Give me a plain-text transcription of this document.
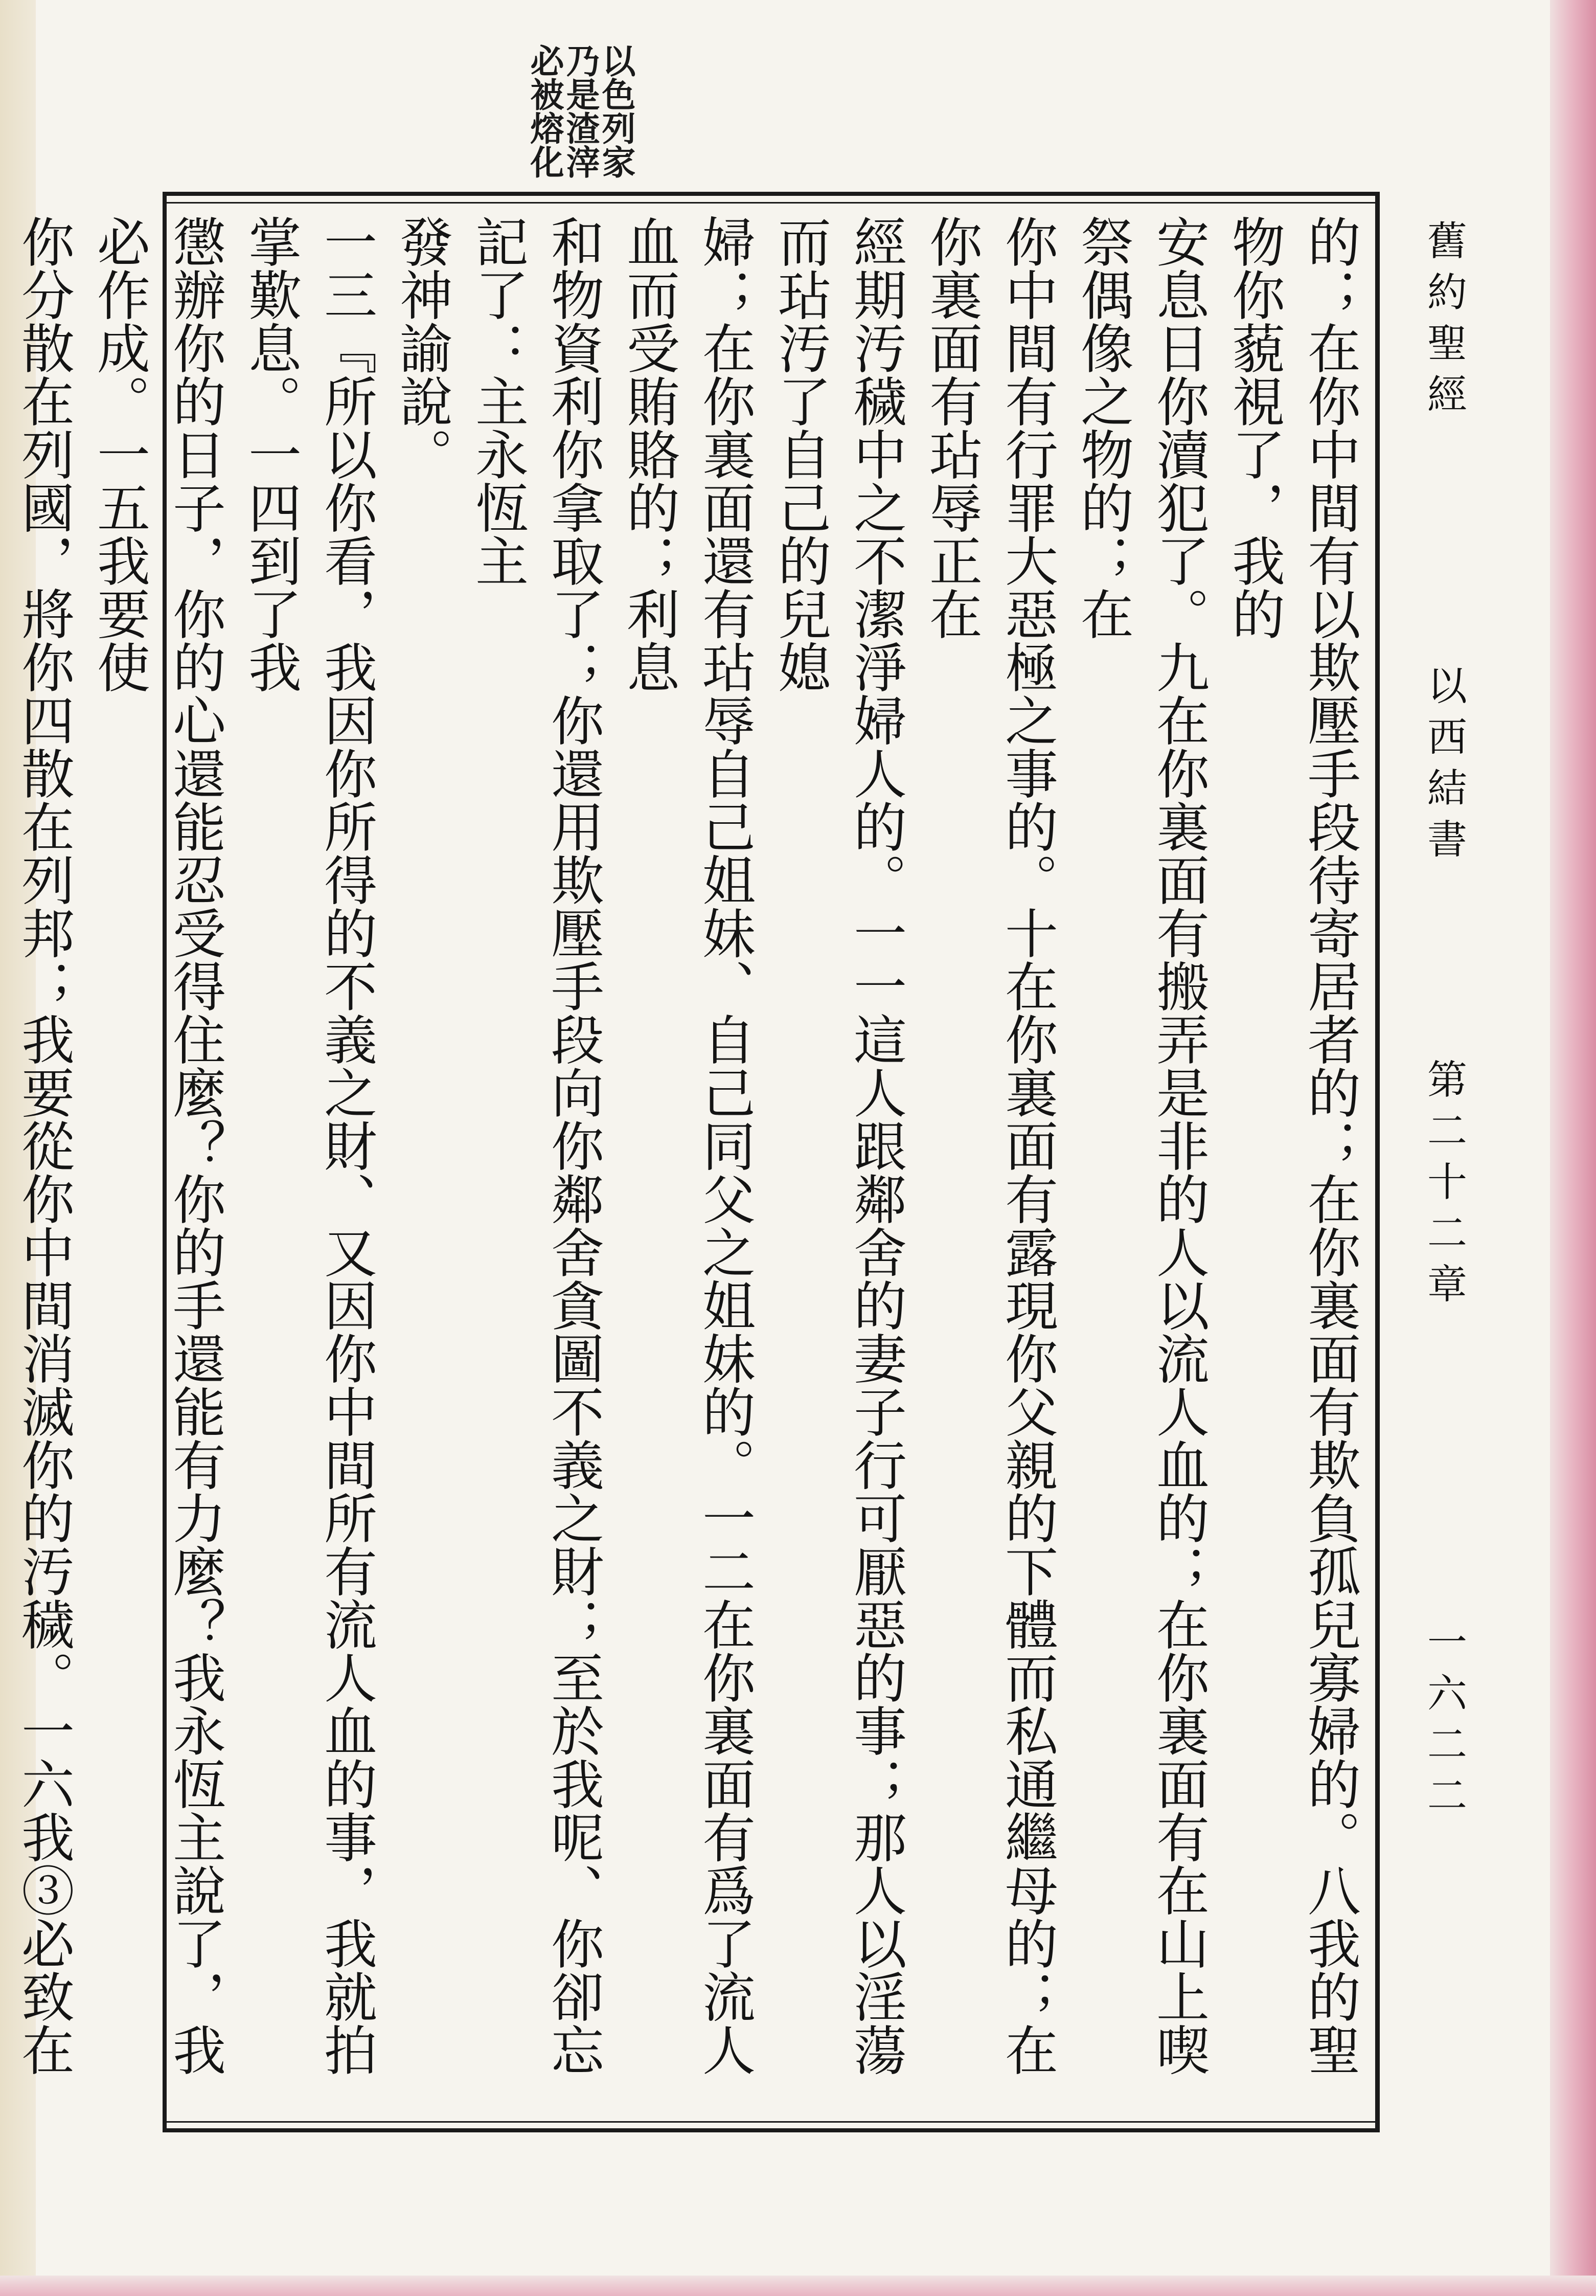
以色列家乃是渣滓必被熔化
舊約聖經
以西結書
第二十二章
一六二二

的；在你中間有以欺壓手段待寄居者的；在你裏面有欺負孤兒寡婦的。八我的聖物你藐視了，我的

安息日你瀆犯了。九在你裏面有搬弄是非的人以流人血的；在你裏面有在山上喫祭偶像之物的；在

你中間有行罪大惡極之事的。十在你裏面有露現你父親的下體而私通繼母的；在你裏面有玷辱正在

經期汚穢中之不潔淨婦人的。一一這人跟鄰舍的妻子行可厭惡的事；那人以淫蕩而玷汚了自己的兒媳

婦；在你裏面還有玷辱自己姐妹、自己同父之姐妹的。一二在你裏面有爲了流人血而受賄賂的；利息

和物資利你拿取了；你還用欺壓手段向你鄰舍貪圖不義之財；至於我呢、你卻忘記了：主永恆主

發神諭說。

一三『所以你看，我因你所得的不義之財、又因你中間所有流人血的事，我就拍掌歎息。一四到了我

懲辦你的日子，你的心還能忍受得住麼？你的手還能有力麼？我永恆主說了，我必作成。一五我要使

你分散在列國，將你四散在列邦；我要從你中間消滅你的汚穢。一六我③必致在
